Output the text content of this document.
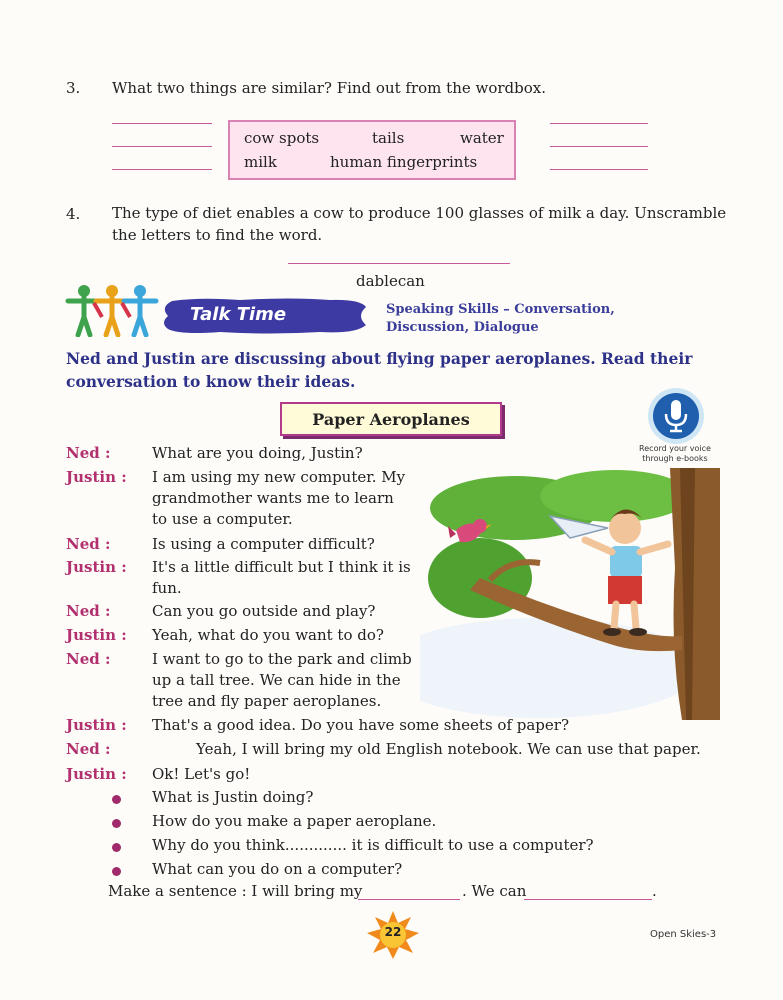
3. What two things are similar? Find out from the wordbox.
cow spots	tails	water
milk	human fingerprints
4. The type of diet enables a cow to produce 100 glasses of milk a day. Unscramble
the letters to find the word.
dablecan
Talk Time	Speaking Skills – Conversation,
Discussion, Dialogue
Ned and Justin are discussing about flying paper aeroplanes. Read their conversation to know their ideas.
Paper Aeroplanes
Record your voice
through e-books
Ned :	What are you doing, Justin?
Justin : I am using my new computer. My
grandmother wants me to learn
to use a computer.
Ned :	Is using a computer difficult?
Justin : It's a little difficult but I think it is
fun.
Ned :	Can you go outside and play?
Justin : Yeah, what do you want to do?
Ned :	I want to go to the park and climb
up a tall tree. We can hide in the
tree and fly paper aeroplanes.
Justin : That's a good idea. Do you have some sheets of paper?
Ned :	Yeah, I will bring my old English notebook. We can use that paper.
Justin : Ok! Let's go!
What is Justin doing?
How do you make a paper aeroplane.
Why do you think............. it is difficult to use a computer?
What can you do on a computer?
Make a sentence : I will bring my	. We can	.
22	Open Skies-3
